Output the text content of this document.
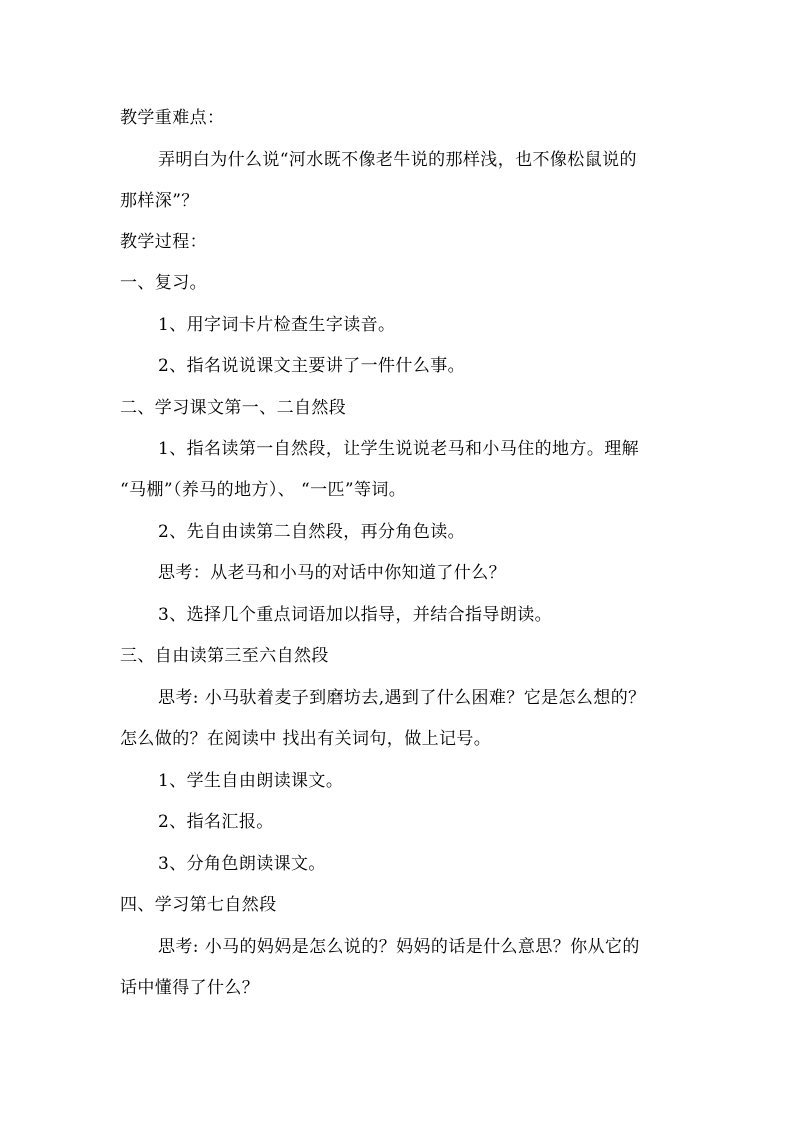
教学重难点：
弄明白为什么说“河水既不像老牛说的那样浅，也不像松鼠说的
那样深”？
教学过程：
一、复习。
1、用字词卡片检查生字读音。
2、指名说说课文主要讲了一件什么事。
二、学习课文第一、二自然段
1、指名读第一自然段，让学生说说老马和小马住的地方。理解
“马棚”（养马的地方）、 “一匹”等词。
2、先自由读第二自然段，再分角色读。
思考：从老马和小马的对话中你知道了什么？
3、选择几个重点词语加以指导，并结合指导朗读。
三、自由读第三至六自然段
思考: 小马驮着麦子到磨坊去,遇到了什么困难？它是怎么想的？
怎么做的？在阅读中 找出有关词句，做上记号。
1、学生自由朗读课文。
2、指名汇报。
3、分角色朗读课文。
四、学习第七自然段
思考: 小马的妈妈是怎么说的？妈妈的话是什么意思？你从它的
话中懂得了什么？
